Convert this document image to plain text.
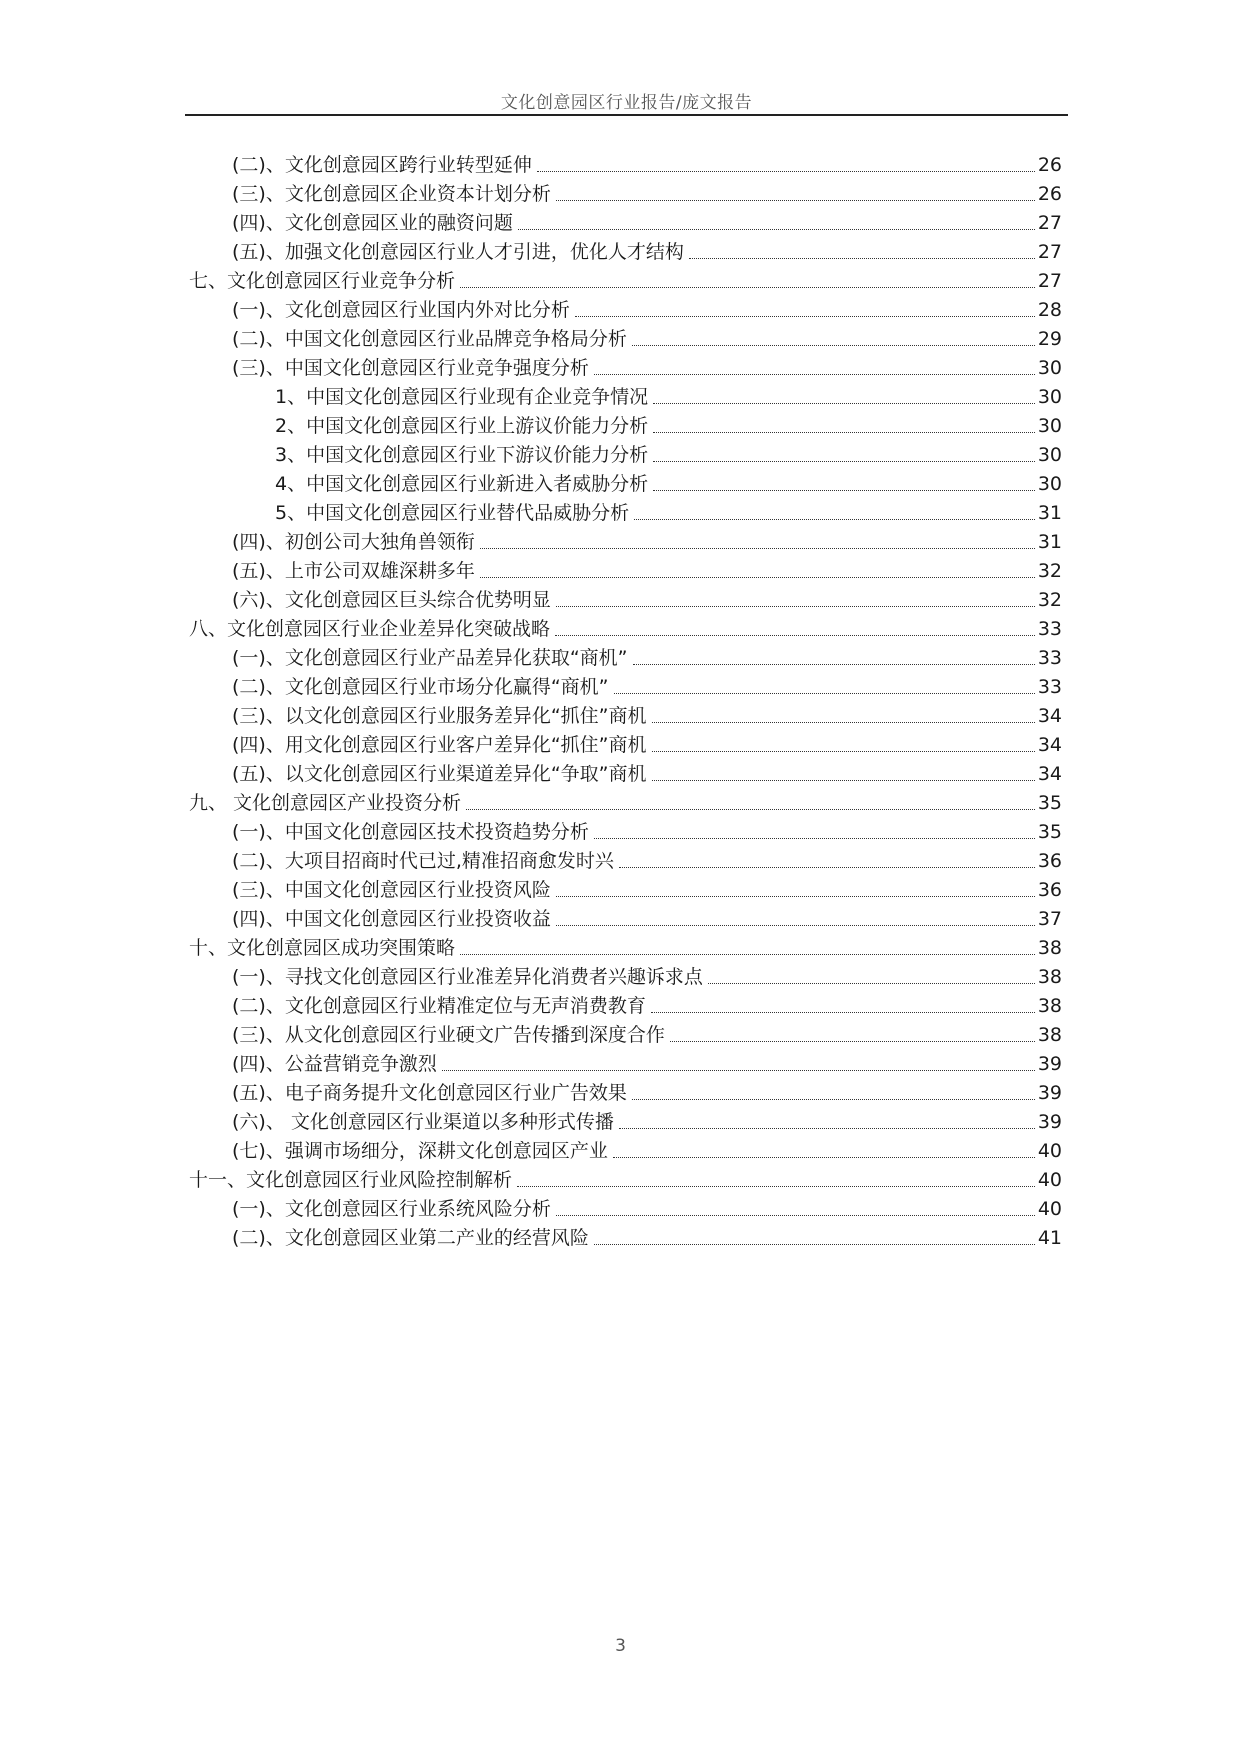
文化创意园区行业报告/庞文报告
(二)、文化创意园区跨行业转型延伸	26
(三)、文化创意园区企业资本计划分析	26
(四)、文化创意园区业的融资问题	27
(五)、加强文化创意园区行业人才引进，优化人才结构	27
七、文化创意园区行业竞争分析	27
(一)、文化创意园区行业国内外对比分析	28
(二)、中国文化创意园区行业品牌竞争格局分析	29
(三)、中国文化创意园区行业竞争强度分析	30
1、中国文化创意园区行业现有企业竞争情况	30
2、中国文化创意园区行业上游议价能力分析	30
3、中国文化创意园区行业下游议价能力分析	30
4、中国文化创意园区行业新进入者威胁分析	30
5、中国文化创意园区行业替代品威胁分析	31
(四)、初创公司大独角兽领衔	31
(五)、上市公司双雄深耕多年	32
(六)、文化创意园区巨头综合优势明显	32
八、文化创意园区行业企业差异化突破战略	33
(一)、文化创意园区行业产品差异化获取“商机”	33
(二)、文化创意园区行业市场分化赢得“商机”	33
(三)、以文化创意园区行业服务差异化“抓住”商机	34
(四)、用文化创意园区行业客户差异化“抓住”商机	34
(五)、以文化创意园区行业渠道差异化“争取”商机	34
九、 文化创意园区产业投资分析	35
(一)、中国文化创意园区技术投资趋势分析	35
(二)、大项目招商时代已过,精准招商愈发时兴	36
(三)、中国文化创意园区行业投资风险	36
(四)、中国文化创意园区行业投资收益	37
十、文化创意园区成功突围策略	38
(一)、寻找文化创意园区行业准差异化消费者兴趣诉求点	38
(二)、文化创意园区行业精准定位与无声消费教育	38
(三)、从文化创意园区行业硬文广告传播到深度合作	38
(四)、公益营销竞争激烈	39
(五)、电子商务提升文化创意园区行业广告效果	39
(六)、 文化创意园区行业渠道以多种形式传播	39
(七)、强调市场细分，深耕文化创意园区产业	40
十一、文化创意园区行业风险控制解析	40
(一)、文化创意园区行业系统风险分析	40
(二)、文化创意园区业第二产业的经营风险	41
3
